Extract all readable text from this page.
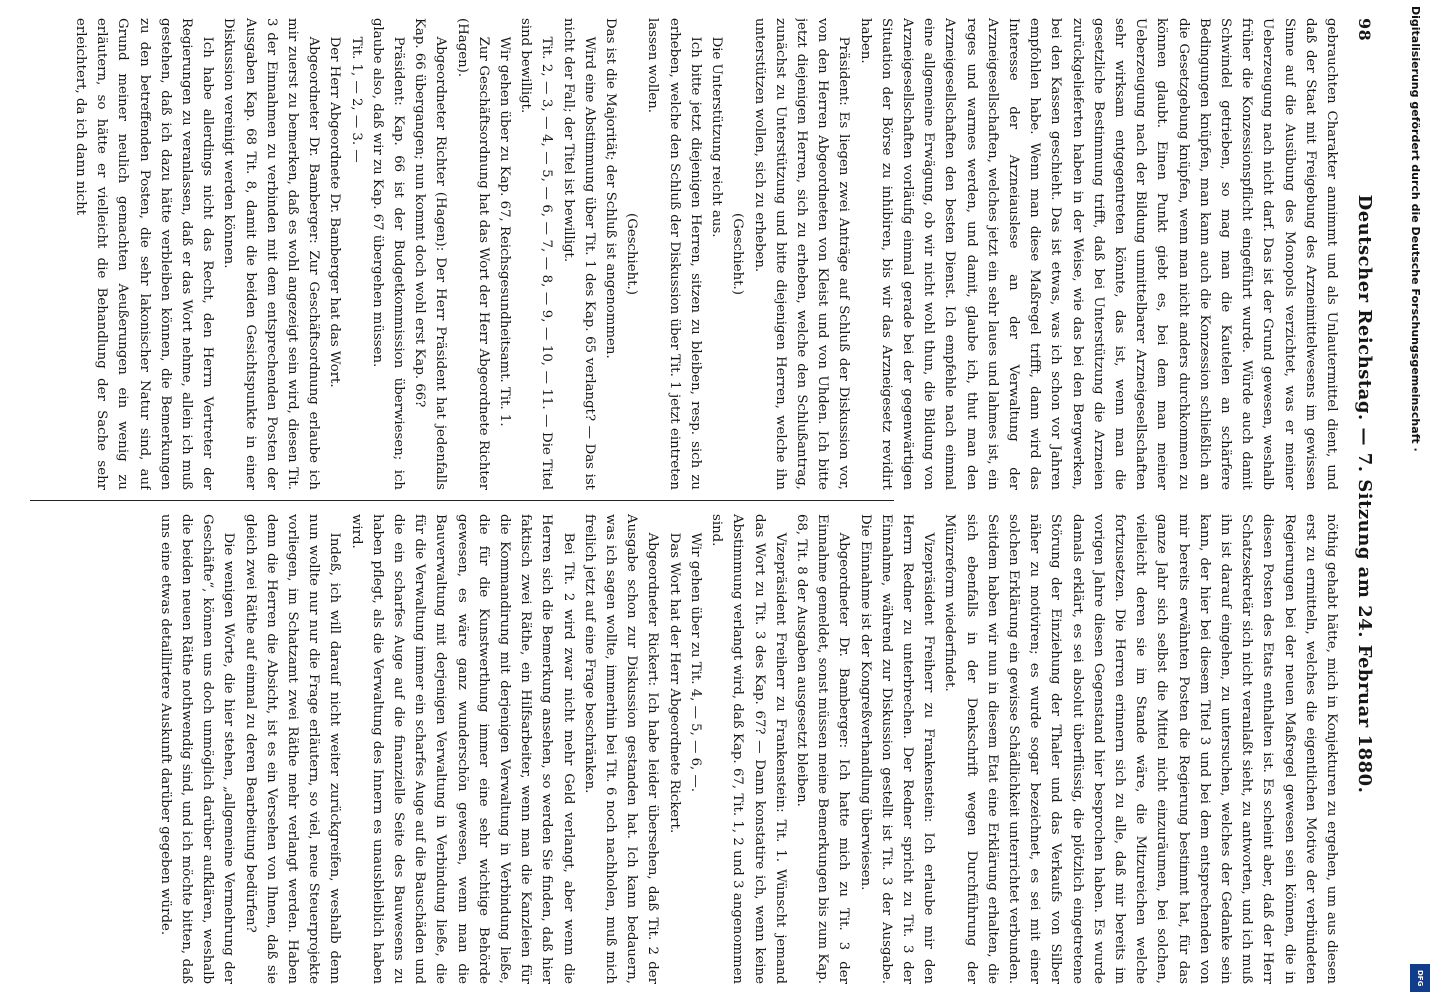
98
Deutscher Reichstag. — 7. Sitzung am 24. Februar 1880.

gebrauchten Charakter annimmt und als Unlautermittel dient, und daß der Staat mit Freigebung des Arzneimittelwesens im gewissen Sinne auf die Ausübung des Monopols verzichtet, was er meiner Ueberzeugung nach nicht darf. Das ist der Grund gewesen, weshalb früher die Konzessionspflicht eingeführt wurde. Würde auch damit Schwindel getrieben, so mag man die Kautelen an schärfere Bedingungen knüpfen, man kann auch die Konzession schließlich an die Gesetzgebung knüpfen, wenn man nicht anders durchkommen zu können glaubt. Einen Punkt giebt es, bei dem man meiner Ueberzeugung nach der Bildung unmittelbarer Arzneigesellschaften sehr wirksam entgegentreten könnte, das ist, wenn man die gesetzliche Bestimmung trifft, daß bei Unterstützung die Arzneien zurückgelieferten haben in der Weise, wie das bei den Bergwerken, bei den Kassen geschieht. Das ist etwas, was ich schon vor Jahren empfohlen habe. Wenn man diese Maßregel trifft, dann wird das Interesse der Arzneiauslese an der Verwaltung der Arzneigesellschaften, welches jetzt ein sehr laues und lahmes ist, ein reges und warmes werden, und damit, glaube ich, thut man den Arzneigesellschaften den besten Dienst. Ich empfehle nach einmal eine allgemeine Erwägung, ob wir nicht wohl thun, die Bildung von Arzneigesellschaften vorläufig einmal gerade bei der gegenwärtigen Situation der Börse zu inhibiren, bis wir das Arzneigesetz revidirt haben.

Präsident: Es liegen zwei Anträge auf Schluß der Diskussion vor, von den Herren Abgeordneten von Kleist und von Uhden. Ich bitte jetzt diejenigen Herren, sich zu erheben, welche den Schlußantrag, zunächst zu Unterstützung und bitte diejenigen Herren, welche ihn unterstützen wollen, sich zu erheben.

(Geschieht.)

Die Unterstützung reicht aus.

Ich bitte jetzt diejenigen Herren, sitzen zu bleiben, resp. sich zu erheben, welche den Schluß der Diskussion über Tit. 1 jetzt eintreten lassen wollen.

(Geschieht.)

Das ist die Majorität; der Schluß ist angenommen.

Wird eine Abstimmung über Tit. 1 des Kap. 65 verlangt? — Das ist nicht der Fall; der Titel ist bewilligt.

Tit. 2, — 3, — 4, — 5, — 6, — 7, — 8, — 9, — 10, — 11. — Die Titel sind bewilligt.

Wir gehen über zu Kap. 67, Reichsgesundheitsamt. Tit. 1.

Zur Geschäftsordnung hat das Wort der Herr Abgeordnete Richter (Hagen).

Abgeordneter Richter (Hagen): Der Herr Präsident hat jedenfalls Kap. 66 übergangen; nun kommt doch wohl erst Kap. 66?

Präsident: Kap. 66 ist der Budgetkommission überwiesen; ich glaube also, daß wir zu Kap. 67 übergehen müssen.

Tit. 1, — 2, — 3. —

Der Herr Abgeordnete Dr. Bamberger hat das Wort.

Abgeordneter Dr. Bamberger: Zur Geschäftsordnung erlaube ich mir zuerst zu bemerken, daß es wohl angezeigt sein wird, diesen Tit. 3 der Einnahmen zu verbinden mit dem entsprechenden Posten der Ausgaben Kap. 68 Tit. 8, damit die beiden Gesichtspunkte in einer Diskussion vereinigt werden können.

Ich habe allerdings nicht das Recht, den Herrn Vertreter der Regierungen zu veranlassen, daß er das Wort nehme, allein ich muß gestehen, daß ich dazu hätte verbleiben können, die Bemerkungen zu den betreffenden Posten, die sehr lakonischer Natur sind, auf Grund meiner neulich gemachten Aeußerungen ein wenig zu erläutern, so hätte er vielleicht die Behandlung der Sache sehr erleichtert, da ich dann nicht

nöthig gehabt hätte, mich in Konjekturen zu ergehen, um aus diesen erst zu ermitteln, welches die eigentlichen Motive der verbündeten Regierungen bei der neuen Maßregel gewesen sein können, die in diesen Posten des Etats enthalten ist. Es scheint aber, daß der Herr Schatzsekretär sich nicht veranlaßt sieht, zu antworten, und ich muß ihn ist darauf eingehen, zu untersuchen, welches der Gedanke sein kann, der hier bei diesem Titel 3 und bei dem entsprechenden von mir bereits erwähnten Posten die Regierung bestimmt hat, für das ganze Jahr sich selbst die Mittel nicht einzuräumen, bei solchen, vielleicht deren sie im Stande wäre, die Mitzureichen welche fortzusetzen. Die Herren erinnern sich zu alle, daß mir bereits im vorigen Jahre diesen Gegenstand hier besprochen haben. Es wurde damals erklärt, es sei absolut überflüssig, die plötzlich eingetretene Störung der Einziehung der Thaler und das Verkaufs von Silber näher zu motiviren; es wurde sogar bezeichnet, es sei mit einer solchen Erklärung ein gewisse Schädlichkeit unterrichtet verbunden. Seitdem haben wir nun in diesem Etat eine Erklärung erhalten, die sich ebenfalls in der Denkschrift wegen Durchführung der Münzreform wiederfindet.

Vizepräsident Freiherr zu Frankenstein: Ich erlaube mir den Herrn Redner zu unterbrechen. Der Redner spricht zu Tit. 3 der Einnahme, während zur Diskussion gestellt ist Tit. 3 der Ausgabe. Die Einnahme ist der Kongreßverhandlung überwiesen.

Abgeordneter Dr. Bamberger: Ich hatte mich zu Tit. 3 der Einnahme gemeldet, sonst müssen meine Bemerkungen bis zum Kap. 68, Tit. 8 der Ausgaben ausgesetzt bleiben.

Vizepräsident Freiherr zu Frankenstein: Tit. 1. Wünscht jemand das Wort zu Tit. 3 des Kap. 67? — Dann konstatire ich, wenn keine Abstimmung verlangt wird, daß Kap. 67, Tit. 1, 2 und 3 angenommen sind.

Wir gehen über zu Tit. 4, — 5, — 6, —.

Das Wort hat der Herr Abgeordnete Rickert.

Abgeordneter Rickert: Ich habe leider übersehen, daß Tit. 2 der Ausgabe schon zur Diskussion gestanden hat. Ich kann bedauern, was ich sagen wollte, immerhin bei Tit. 6 noch nachholen, muß mich freilich jetzt auf eine Frage beschränken.

Bei Tit. 2 wird zwar nicht mehr Geld verlangt, aber wenn die Herren sich die Bemerkung ansehen, so werden Sie finden, daß hier faktisch zwei Räthe, ein Hilfsarbeiter, wenn man die Kanzleien für die Kommandirung mit derjenigen Verwaltung in Verbindung ließe, die für die Kunstwerthung immer eine sehr wichtige Behörde gewesen, es wäre ganz wunderschön gewesen, wenn man die Bauverwaltung mit derjenigen Verwaltung in Verbindung ließe, die für die Verwaltung immer ein scharfes Auge auf die Bauschäden und die ein scharfes Auge auf die finanzielle Seite des Bauwesens zu haben pflegt, als die Verwaltung des Innern es unausbleiblich haben wird.

Indeß, ich will darauf nicht weiter zurückgreifen, weshalb denn nun wollte nur nur die Frage erläutern, so viel, neue Steuerprojekte vorliegen, im Schatzamt zwei Räthe mehr verlangt werden. Haben denn die Herren die Absicht, ist es ein Versehen von Ihnen, daß sie gleich zwei Räthe auf einmal zu deren Bearbeitung bedürfen?

Die wenigen Worte, die hier stehen, „allgemeine Vermehrung der Geschäfte“, können uns doch unmöglich darüber aufklären, weshalb die beiden neuen Räthe nothwendig sind, und ich möchte bitten, daß uns eine etwas detaillirtere Auskunft darüber gegeben würde.

Digitalisierung gefördert durch die Deutsche Forschungsgemeinschaft ·
DFG
